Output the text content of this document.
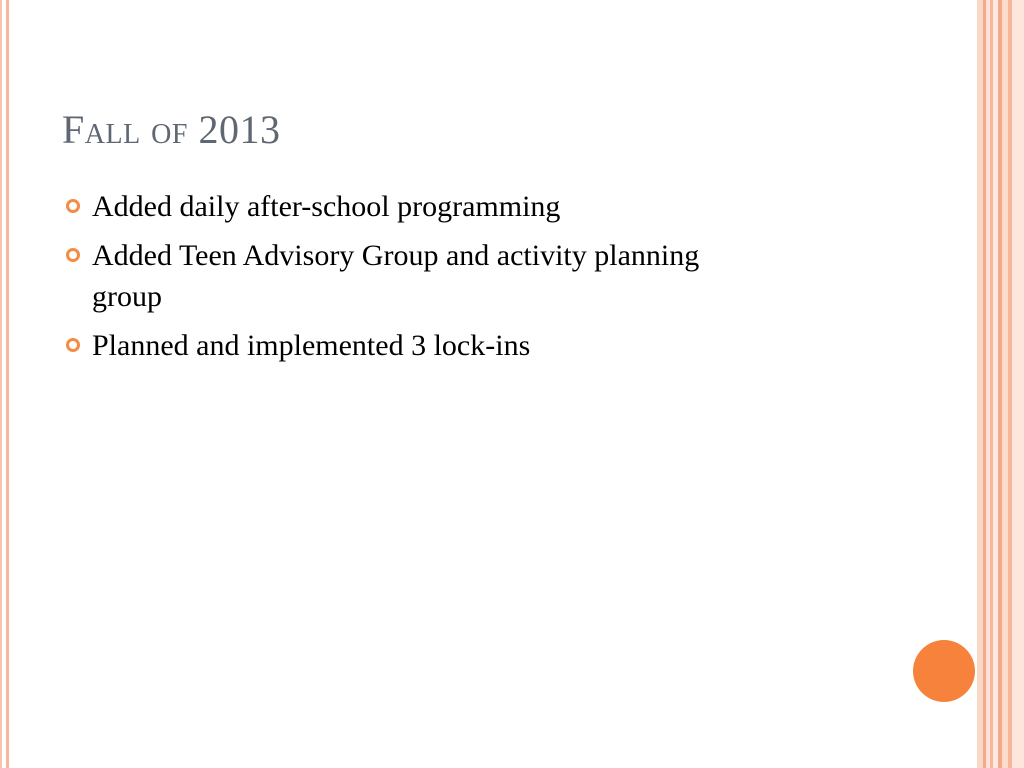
Fall of 2013
Added daily after-school programming
Added Teen Advisory Group and activity planning group
Planned and implemented 3 lock-ins
